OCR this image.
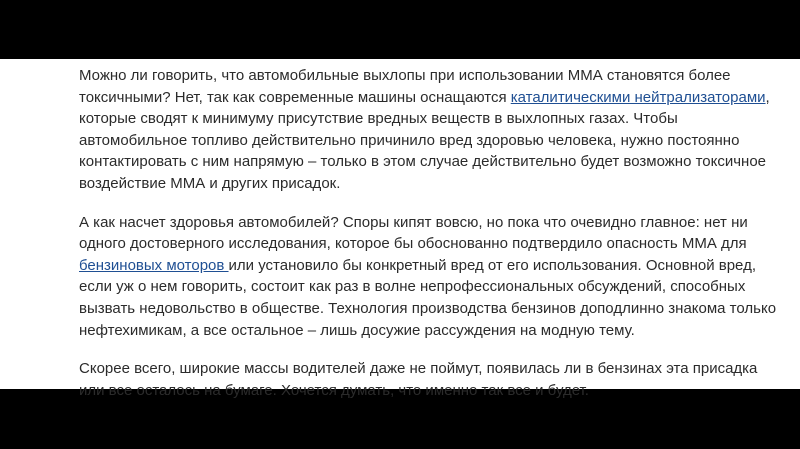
Можно ли говорить, что автомобильные выхлопы при использовании ММА становятся более токсичными? Нет, так как современные машины оснащаются каталитическими нейтрализаторами, которые сводят к минимуму присутствие вредных веществ в выхлопных газах. Чтобы автомобильное топливо действительно причинило вред здоровью человека, нужно постоянно контактировать с ним напрямую – только в этом случае действительно будет возможно токсичное воздействие ММА и других присадок.

А как насчет здоровья автомобилей? Споры кипят вовсю, но пока что очевидно главное: нет ни одного достоверного исследования, которое бы обоснованно подтвердило опасность ММА для бензиновых моторов или установило бы конкретный вред от его использования. Основной вред, если уж о нем говорить, состоит как раз в волне непрофессиональных обсуждений, способных вызвать недовольство в обществе. Технология производства бензинов доподлинно знакома только нефтехимикам, а все остальное – лишь досужие рассуждения на модную тему.

Скорее всего, широкие массы водителей даже не поймут, появилась ли в бензинах эта присадка или все осталось на бумаге. Хочется думать, что именно так все и будет.
